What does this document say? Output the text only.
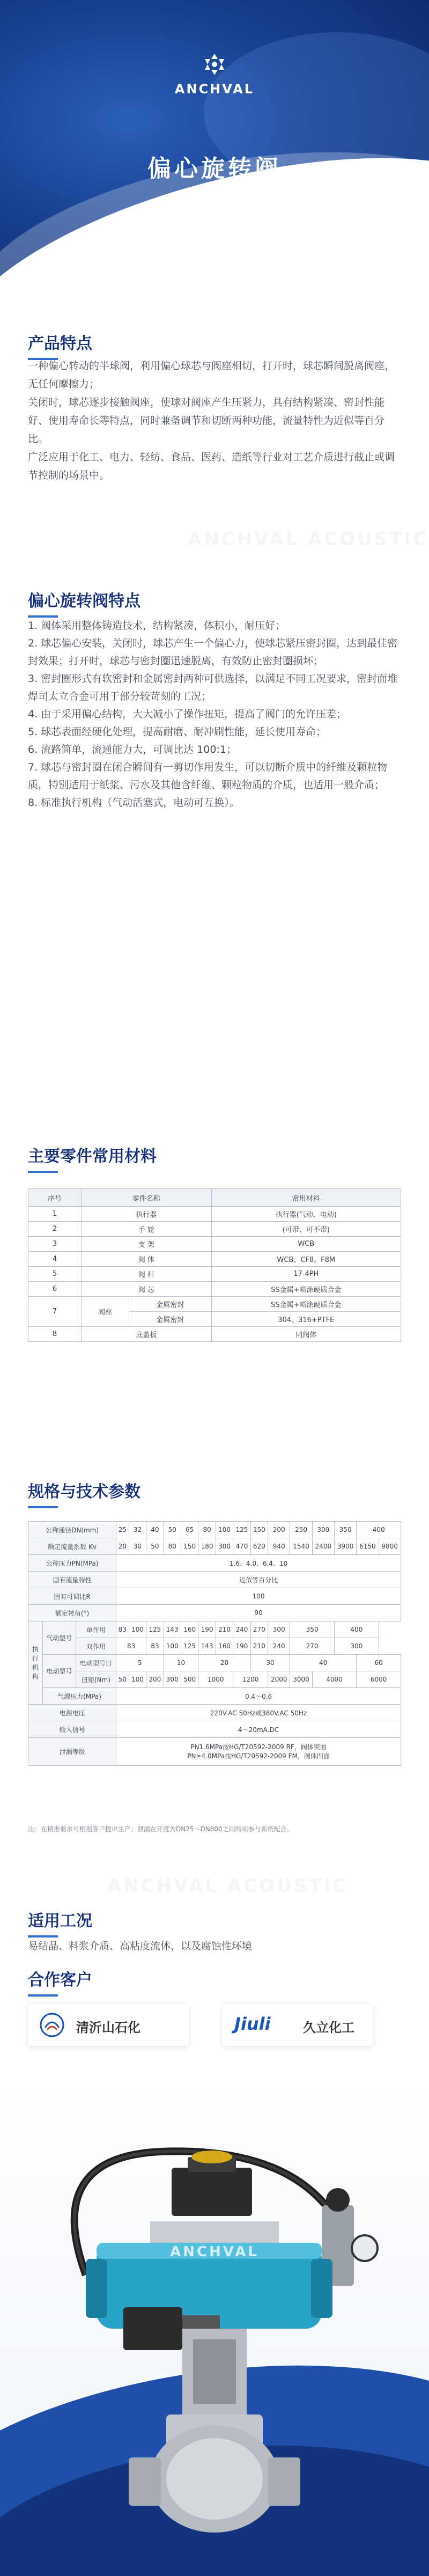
ANCHVAL
偏心旋转阀
产品特点

一种偏心转动的半球阀，利用偏心球芯与阀座相切，打开时，球芯瞬间脱离阀座，无任何摩擦力；

关闭时，球芯逐步接触阀座，使球对阀座产生压紧力，具有结构紧凑、密封性能好、使用寿命长等特点，同时兼备调节和切断两种功能，流量特性为近似等百分比。

广泛应用于化工、电力、轻纺、食品、医药、造纸等行业对工艺介质进行截止或调节控制的场景中。

ANCHVAL ACOUSTIC
偏心旋转阀特点

1. 阀体采用整体铸造技术，结构紧凑，体积小，耐压好；

2. 球芯偏心安装，关闭时，球芯产生一个偏心力，使球芯紧压密封圈，达到最佳密封效果；打开时，球芯与密封圈迅速脱离，有效防止密封圈损坏；

3. 密封圈形式有软密封和金属密封两种可供选择，以满足不同工况要求，密封面堆焊司太立合金可用于部分较苛刻的工况；

4. 由于采用偏心结构，大大减小了操作扭矩，提高了阀门的允许压差；

5. 球芯表面经硬化处理，提高耐磨、耐冲刷性能，延长使用寿命；

6. 流路简单，流通能力大，可调比达 100:1；

7. 球芯与密封圈在闭合瞬间有一剪切作用发生，可以切断介质中的纤维及颗粒物质，特别适用于纸浆、污水及其他含纤维、颗粒物质的介质，也适用一般介质；

8. 标准执行机构（气动活塞式，电动可互换）。

主要零件常用材料
序号	零件名称		常用材料
1	执行器		执行器(气动、电动)
2	手 轮		(可带、可不带)
3	支 架		WCB
4	阀 体		WCB、CF8、F8M
5	阀 杆		17-4PH
6	阀 芯		SS金属+喷涂硬质合金
7	阀座	金属密封	SS金属+喷涂硬质合金
		金属密封	304、316+PTFE
8	底盖板		同阀体
规格与技术参数
公称通径DN(mm)			25	32	40	50	65	80	100	125	150	200	250	300	350	400	
额定流量系数 Kv			20	30	50	80	150	180	300	470	620	940	1540	2400	3900	6150	9800
公称压力PN(MPa)			1.6、4.0、6.4、10														
固有流量特性			近似等百分比														
固有可调比R			100														
额定转角(°)			90														
执行机构	气动型号	单作用	83	100	125	143	160	190	210	240	270	300	350		400		
		双作用	83		83	100	125	143	160	190	210	240	270		300		
	电动型号	电动型号口	5			10		20			30		40			60	
		扭矩(Nm)	50	100	200	300	500	1000		1200		2000	3000	4000		6000	
	气源压力(MPa)		0.4～0.6														
电源电压			220V.AC 50Hz或380V.AC 50Hz														
输入信号			4～20mA.DC														
泄漏等级			PN1.6MPa按HG/T20592-2009 RF，阀体突面
PN≥4.0MPa按HG/T20592-2009 FM，阀体凹面														
注：在精准要求可根据客户提出生产；泄漏在开度为DN25～DN800之间的须参与系统配合。
ANCHVAL ACOUSTIC
适用工况
易结晶、料浆介质、高粘度流体，以及腐蚀性环境
合作客户
清沂山石化	Jiuli	久立化工
ANCHVAL
